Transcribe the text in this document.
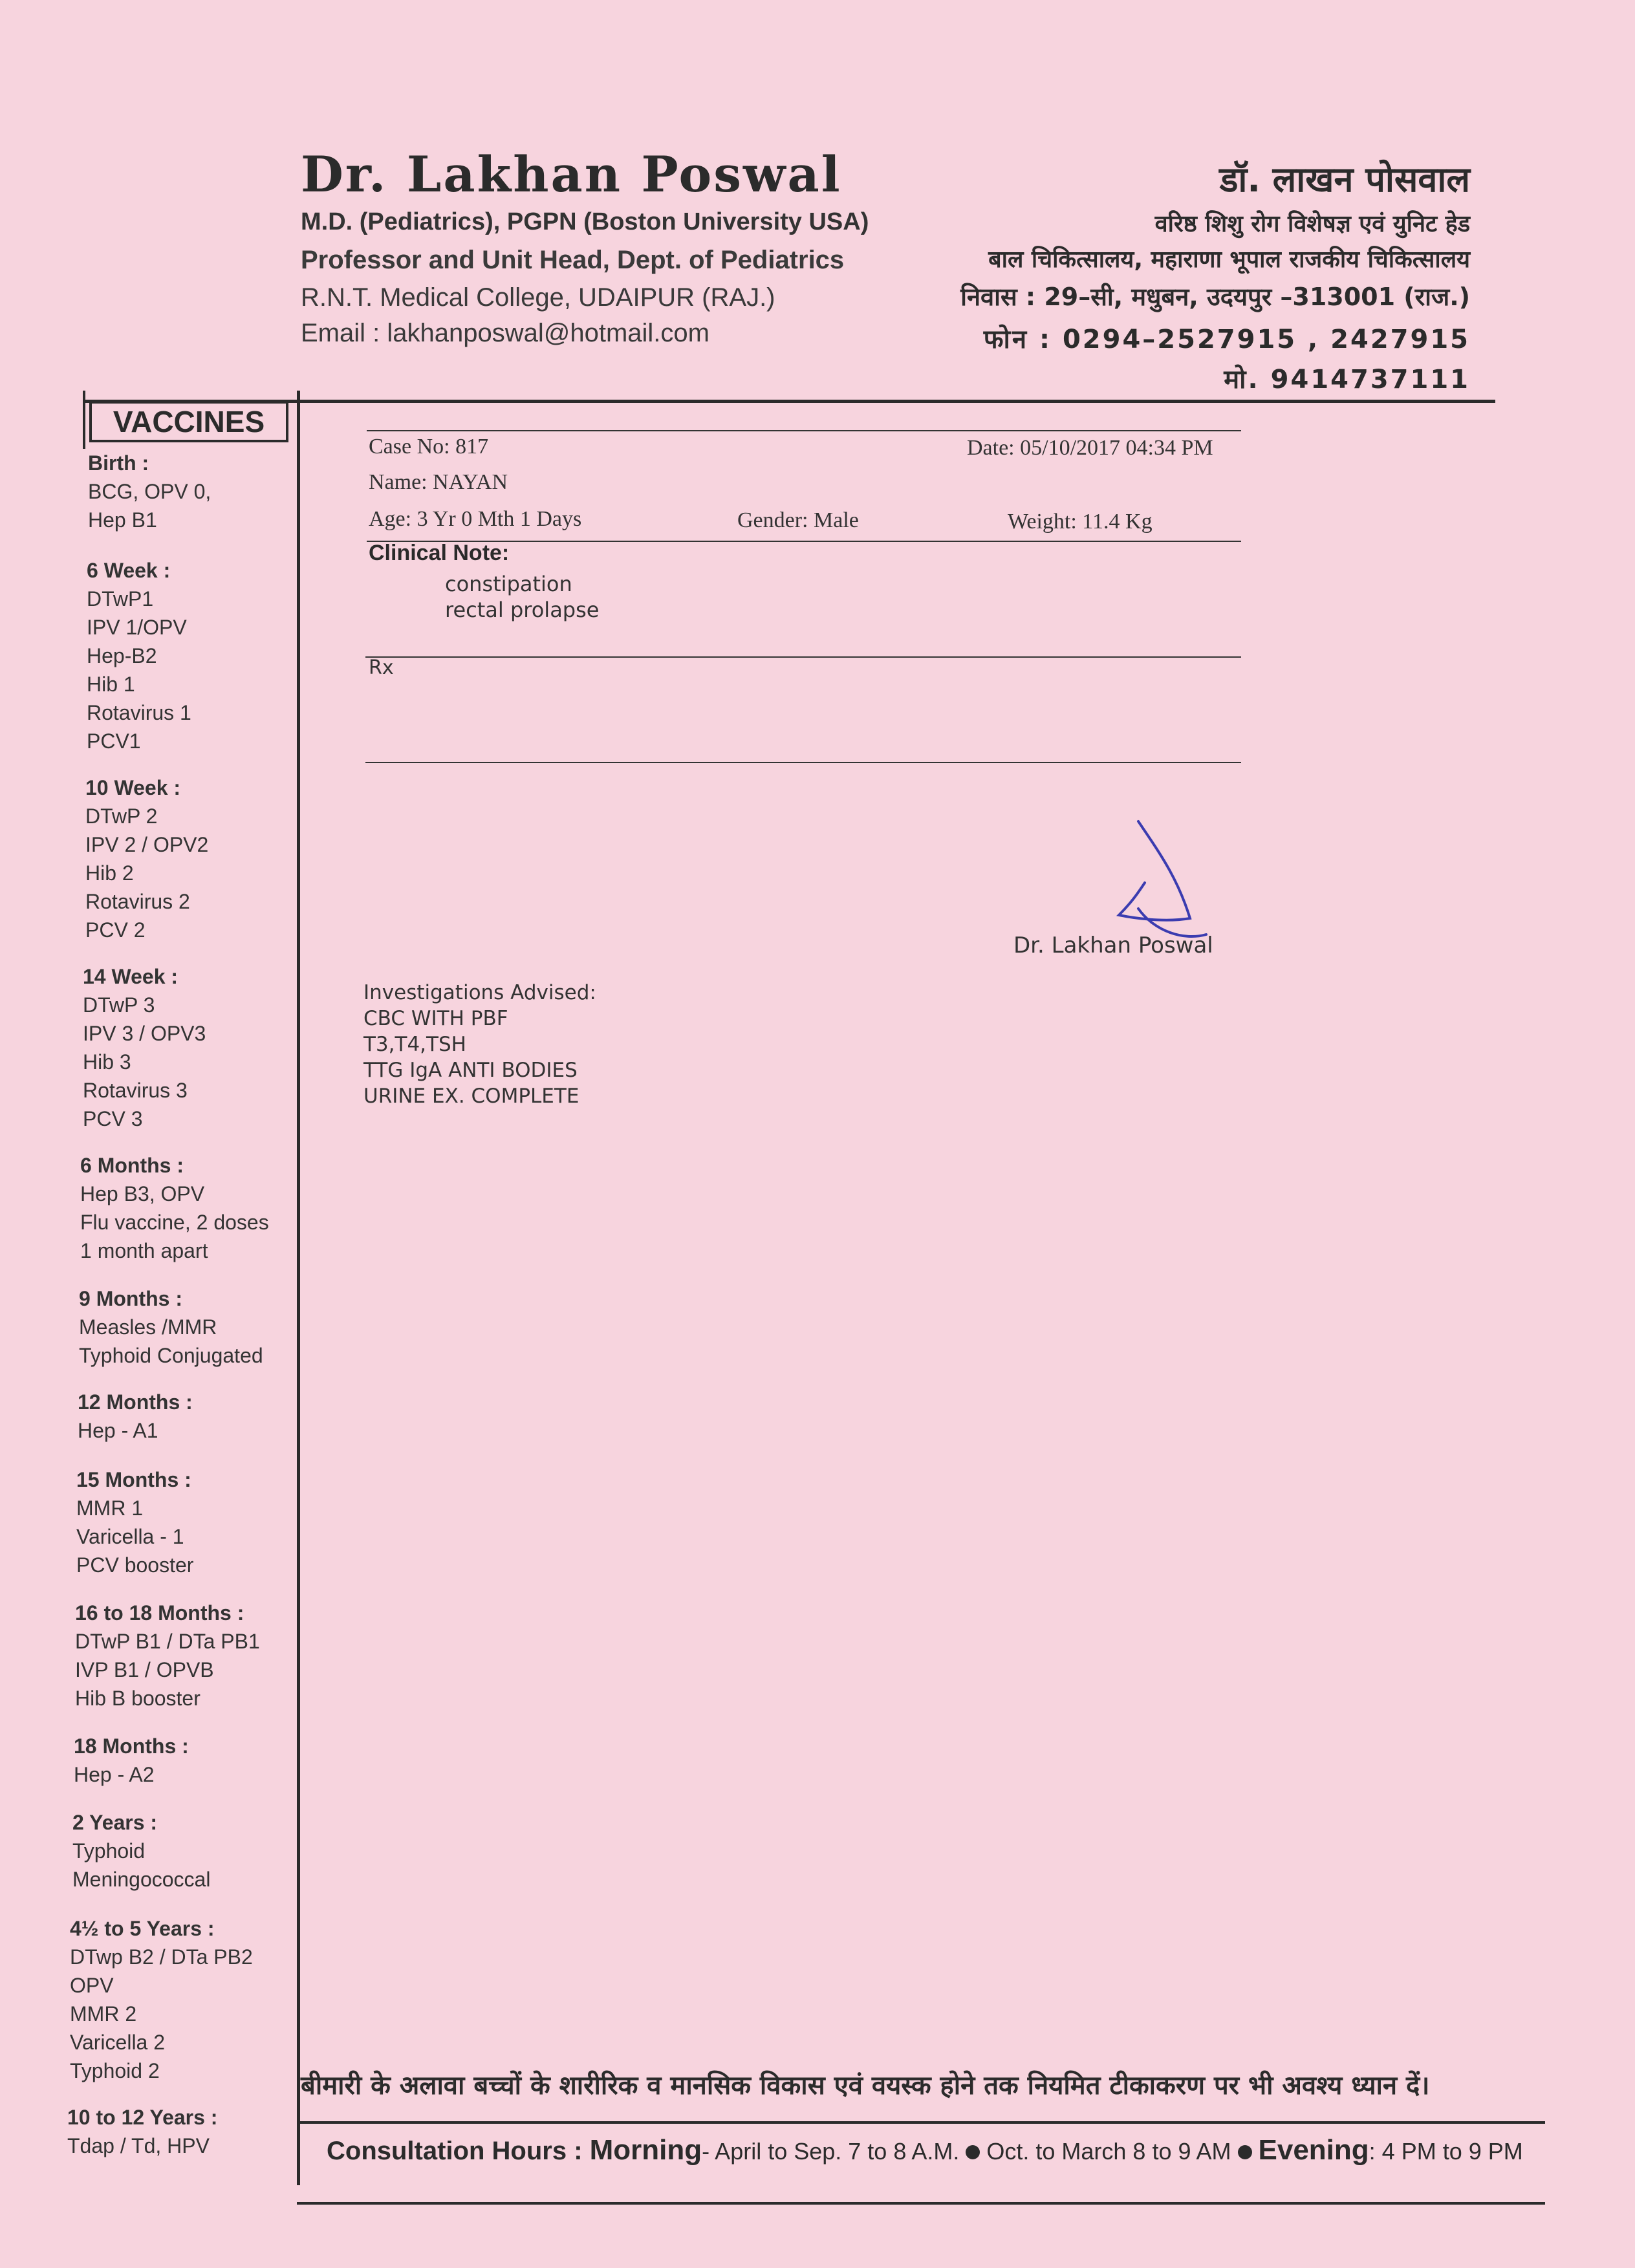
Dr. Lakhan Poswal
M.D. (Pediatrics), PGPN (Boston University USA)
Professor and Unit Head, Dept. of Pediatrics
R.N.T. Medical College, UDAIPUR (RAJ.)
Email : lakhanposwal@hotmail.com
डॉ. लाखन पोसवाल
वरिष्ठ शिशु रोग विशेषज्ञ एवं युनिट हेड
बाल चिकित्सालय, महाराणा भूपाल राजकीय चिकित्सालय
निवास : 29–सी, मधुबन, उदयपुर –313001 (राज.)
फोन : 0294–2527915 , 2427915
मो. 9414737111
VACCINES
Birth :
BCG, OPV 0,
Hep B1
6 Week :
DTwP1
IPV 1/OPV
Hep-B2
Hib 1
Rotavirus 1
PCV1
10 Week :
DTwP 2
IPV 2 / OPV2
Hib 2
Rotavirus 2
PCV 2
14 Week :
DTwP 3
IPV 3 / OPV3
Hib 3
Rotavirus 3
PCV 3
6 Months :
Hep B3, OPV
Flu vaccine, 2 doses
1 month apart
9 Months :
Measles /MMR
Typhoid Conjugated
12 Months :
Hep - A1
15 Months :
MMR 1
Varicella - 1
PCV booster
16 to 18 Months :
DTwP B1 / DTa PB1
IVP B1 / OPVB
Hib B booster
18 Months :
Hep - A2
2 Years :
Typhoid
Meningococcal
4½ to 5 Years :
DTwp B2 / DTa PB2
OPV
MMR 2
Varicella 2
Typhoid 2
10 to 12 Years :
Tdap / Td, HPV
Case No: 817	Date: 05/10/2017 04:34 PM
Name: NAYAN
Age: 3 Yr 0 Mth 1 Days	Gender: Male	Weight: 11.4 Kg
Clinical Note:
constipation
rectal prolapse
Rx
Dr. Lakhan Poswal
Investigations Advised:
CBC WITH PBF
T3,T4,TSH
TTG IgA ANTI BODIES
URINE EX. COMPLETE
बीमारी के अलावा बच्चों के शारीरिक व मानसिक विकास एवं वयस्क होने तक नियमित टीकाकरण पर भी अवश्य ध्यान दें।
Consultation Hours : Morning- April to Sep. 7 to 8 A.M. Oct. to March 8 to 9 AM Evening: 4 PM to 9 PM
